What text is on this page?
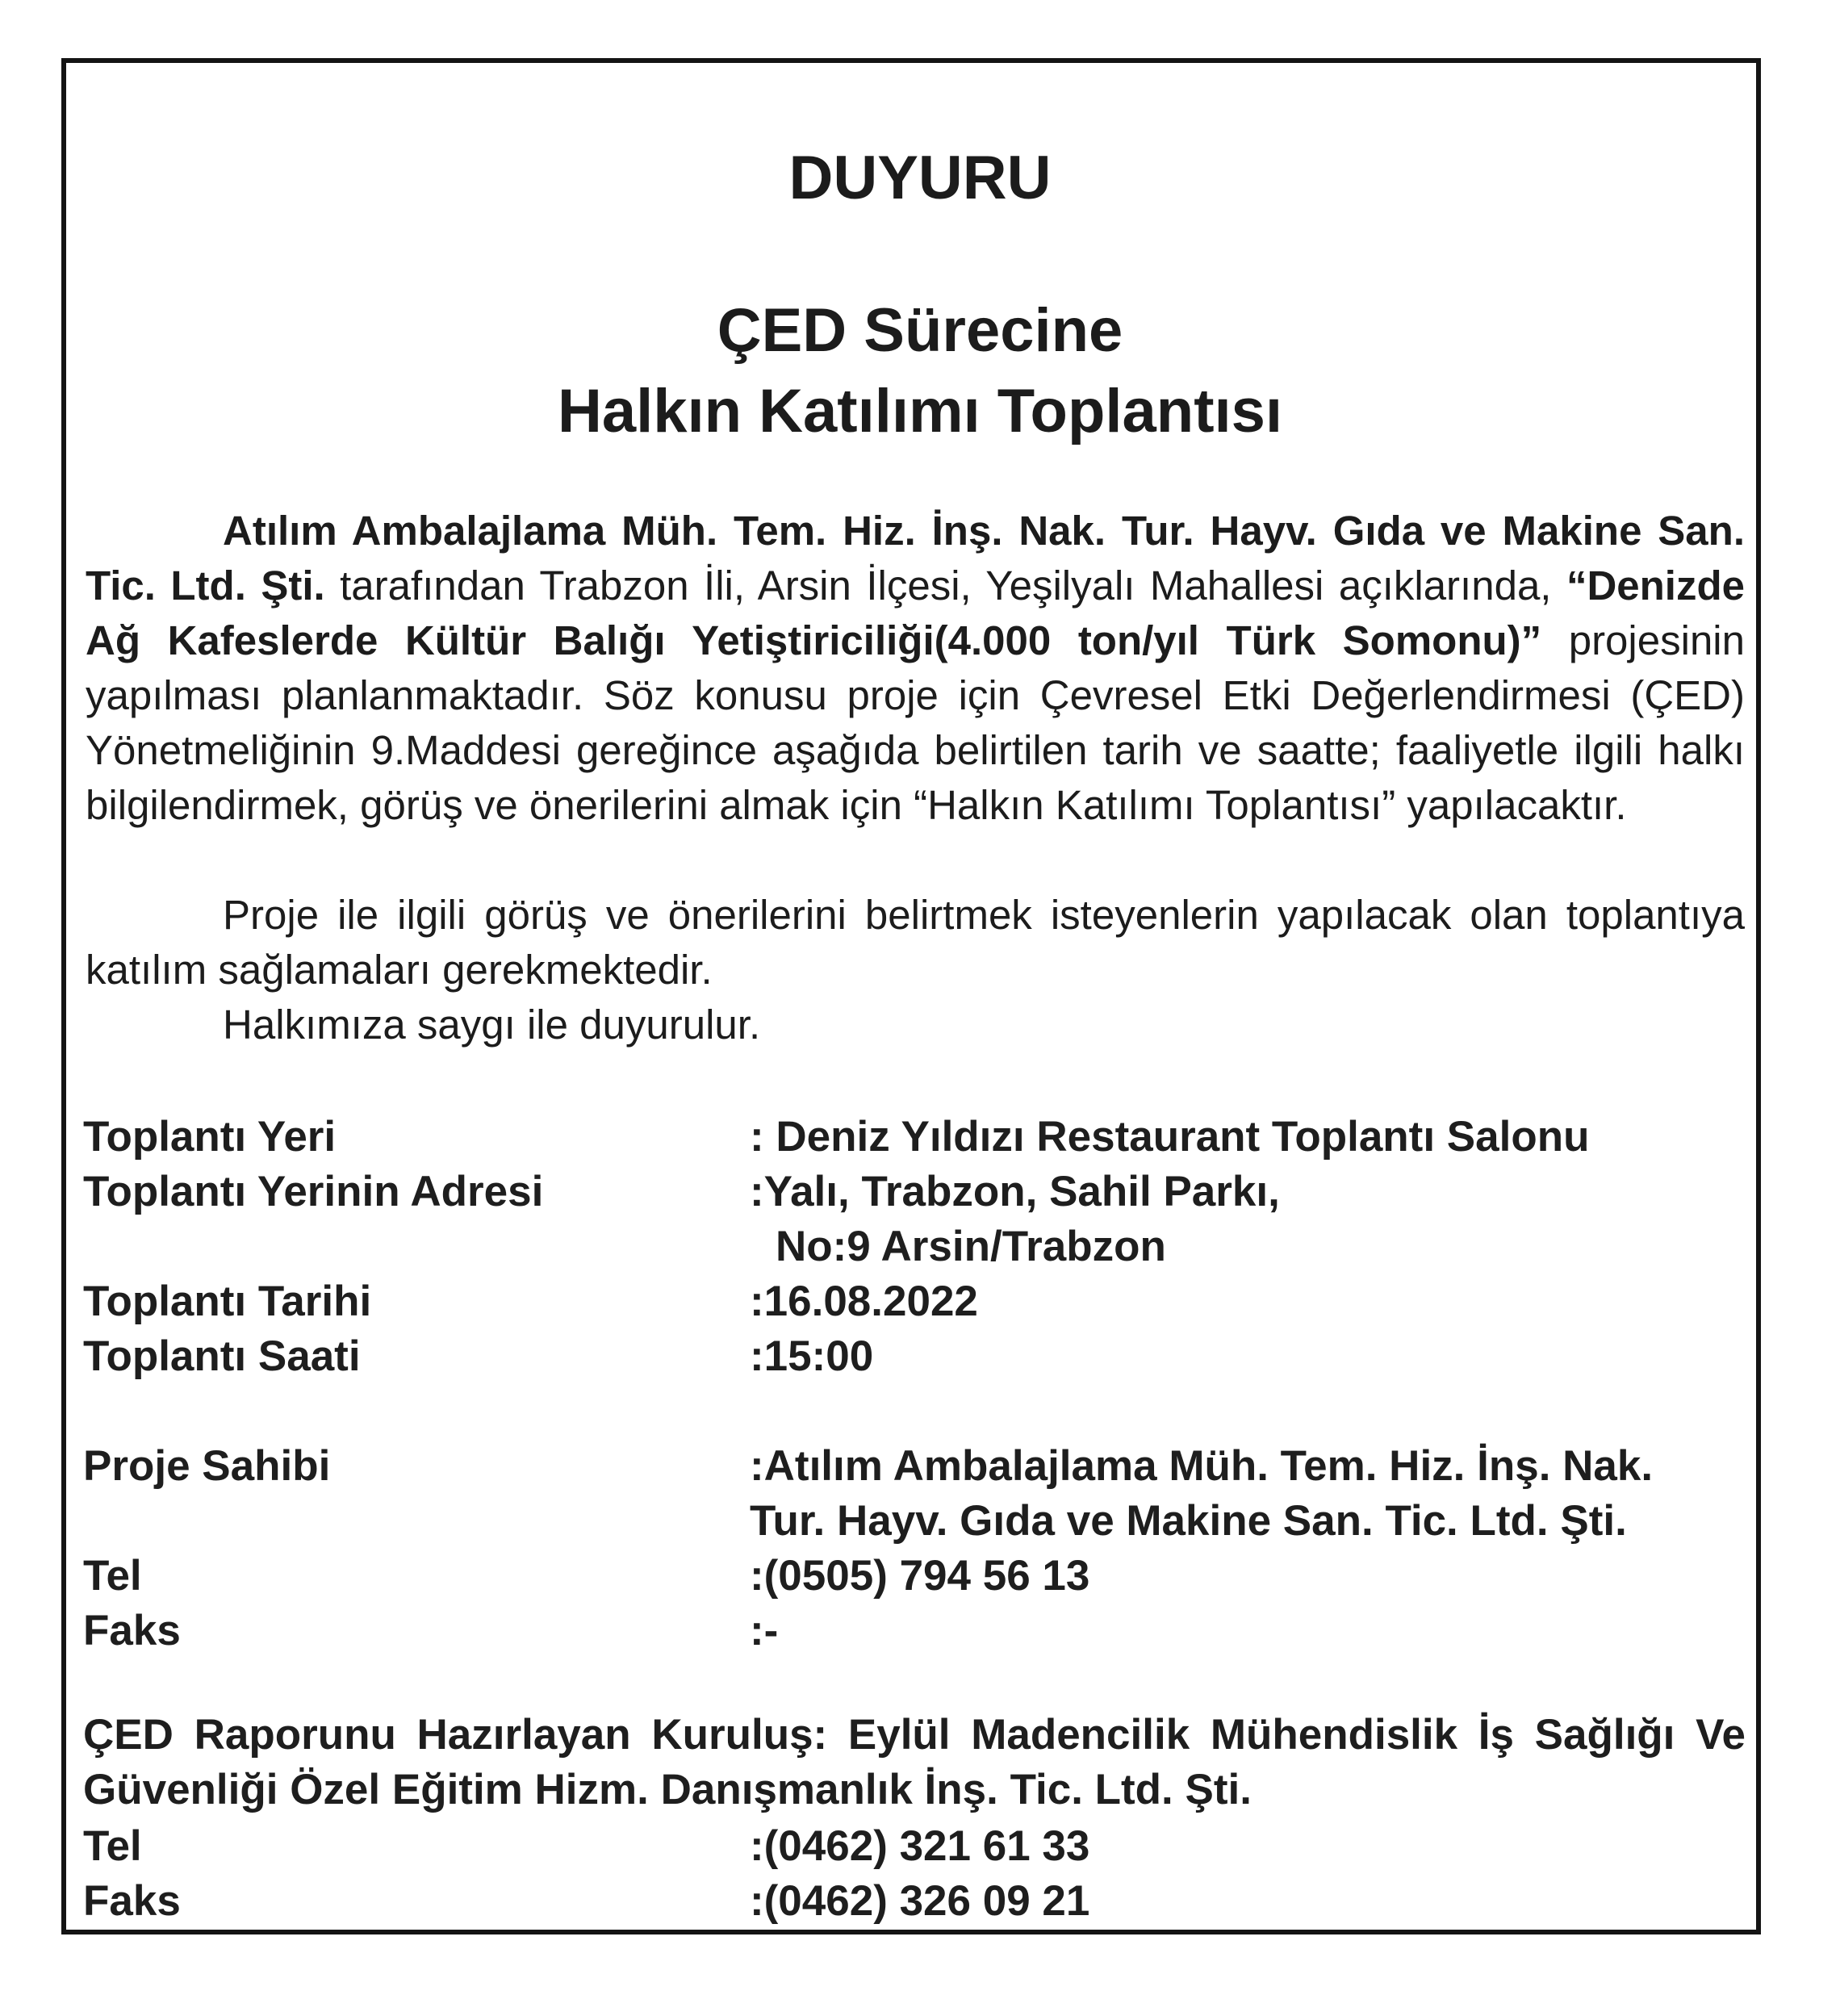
DUYURU
ÇED Sürecine
Halkın Katılımı Toplantısı

Atılım Ambalajlama Müh. Tem. Hiz. İnş. Nak. Tur. Hayv. Gıda ve Makine San. Tic. Ltd. Şti. tarafından Trabzon İli, Arsin İlçesi, Yeşilyalı Mahallesi açıklarında, “Denizde Ağ Kafeslerde Kültür Balığı Yetiştiriciliği(4.000 ton/yıl Türk Somonu)” projesinin yapılması planlanmaktadır. Söz konusu proje için Çevresel Etki Değerlendirmesi (ÇED) Yönetmeliğinin 9.Maddesi gereğince aşağıda belirtilen tarih ve saatte; faaliyetle ilgili halkı bilgilendirmek, görüş ve önerilerini almak için “Halkın Katılımı Toplantısı” yapılacaktır.

Proje ile ilgili görüş ve önerilerini belirtmek isteyenlerin yapılacak olan toplantıya katılım sağlamaları gerekmektedir.

Halkımıza saygı ile duyurulur.

Toplantı Yeri	: Deniz Yıldızı Restaurant Toplantı Salonu
Toplantı Yerinin Adresi	:Yalı, Trabzon, Sahil Parkı,
No:9 Arsin/Trabzon
Toplantı Tarihi	:16.08.2022
Toplantı Saati	:15:00
Proje Sahibi	:Atılım Ambalajlama Müh. Tem. Hiz. İnş. Nak.
Tur. Hayv. Gıda ve Makine San. Tic. Ltd. Şti.
Tel	:(0505) 794 56 13
Faks	:-

ÇED Raporunu Hazırlayan Kuruluş: Eylül Madencilik Mühendislik İş Sağlığı Ve Güvenliği Özel Eğitim Hizm. Danışmanlık İnş. Tic. Ltd. Şti.

Tel	:(0462) 321 61 33
Faks	:(0462) 326 09 21
